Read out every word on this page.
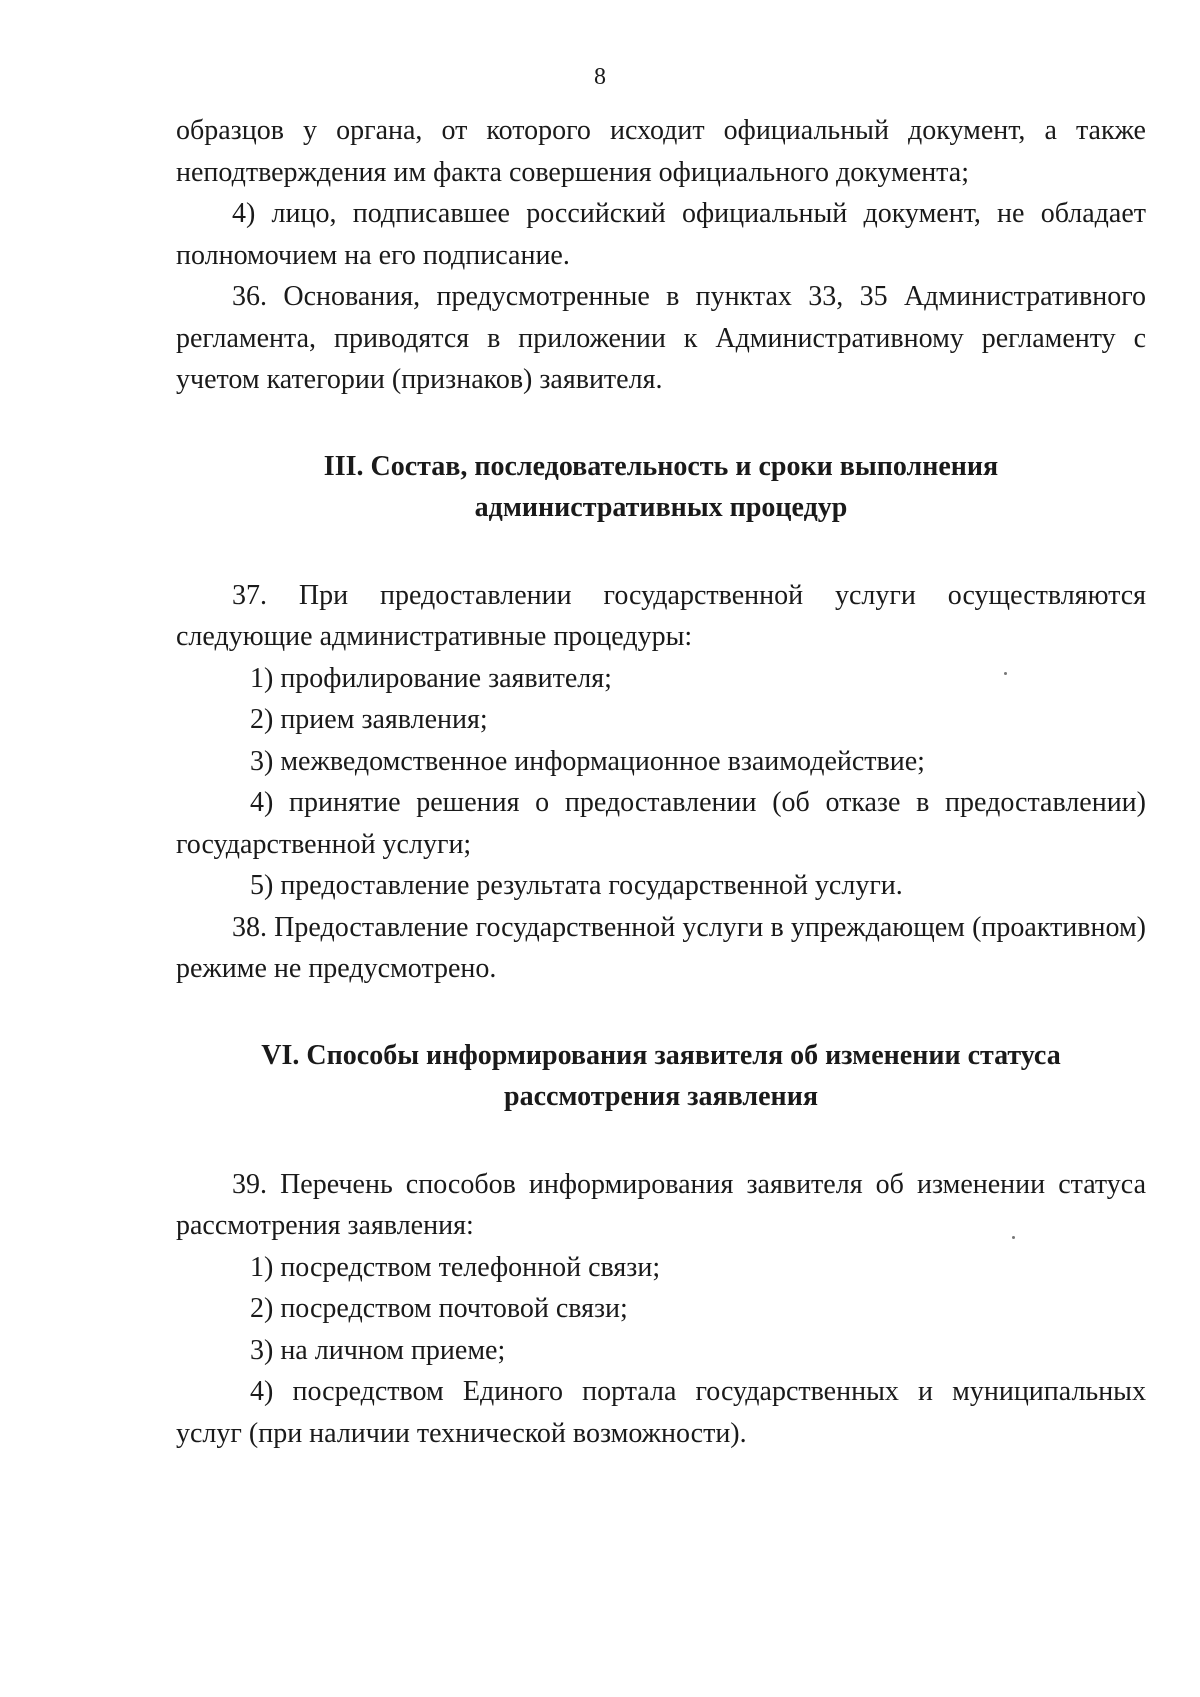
8

образцов у органа, от которого исходит официальный документ, а также неподтверждения им факта совершения официального документа;

4) лицо, подписавшее российский официальный документ, не обладает полномочием на его подписание.

36. Основания, предусмотренные в пунктах 33, 35 Административного регламента, приводятся в приложении к Административному регламенту с учетом категории (признаков) заявителя.

III. Состав, последовательность и сроки выполнения

административных процедур

37. При предоставлении государственной услуги осуществляются следующие административные процедуры:

1) профилирование заявителя;

2) прием заявления;

3) межведомственное информационное взаимодействие;

4) принятие решения о предоставлении (об отказе в предоставлении) государственной услуги;

5) предоставление результата государственной услуги.

38. Предоставление государственной услуги в упреждающем (проактивном) режиме не предусмотрено.

VI. Способы информирования заявителя об изменении статуса

рассмотрения заявления

39. Перечень способов информирования заявителя об изменении статуса рассмотрения заявления:

1) посредством телефонной связи;

2) посредством почтовой связи;

3) на личном приеме;

4) посредством Единого портала государственных и муниципальных услуг (при наличии технической возможности).
